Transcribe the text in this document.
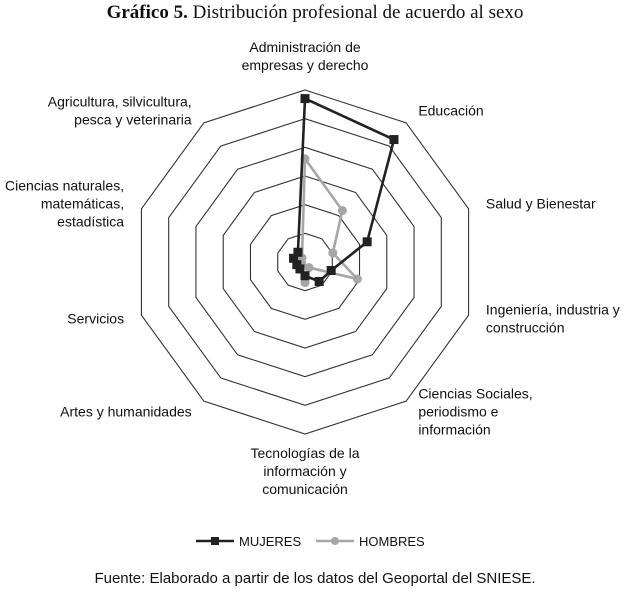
Gráfico 5. Distribución profesional de acuerdo al sexo
Administración de empresas y derecho
Educación
Salud y Bienestar
Ingeniería, industria y construcción
Ciencias Sociales, periodismo e información
Tecnologías de la información y comunicación
Artes y humanidades
Servicios
Ciencias naturales, matemáticas, estadística
Agricultura, silvicultura, pesca y veterinaria
MUJERES	HOMBRES
Fuente: Elaborado a partir de los datos del Geoportal del SNIESE.
